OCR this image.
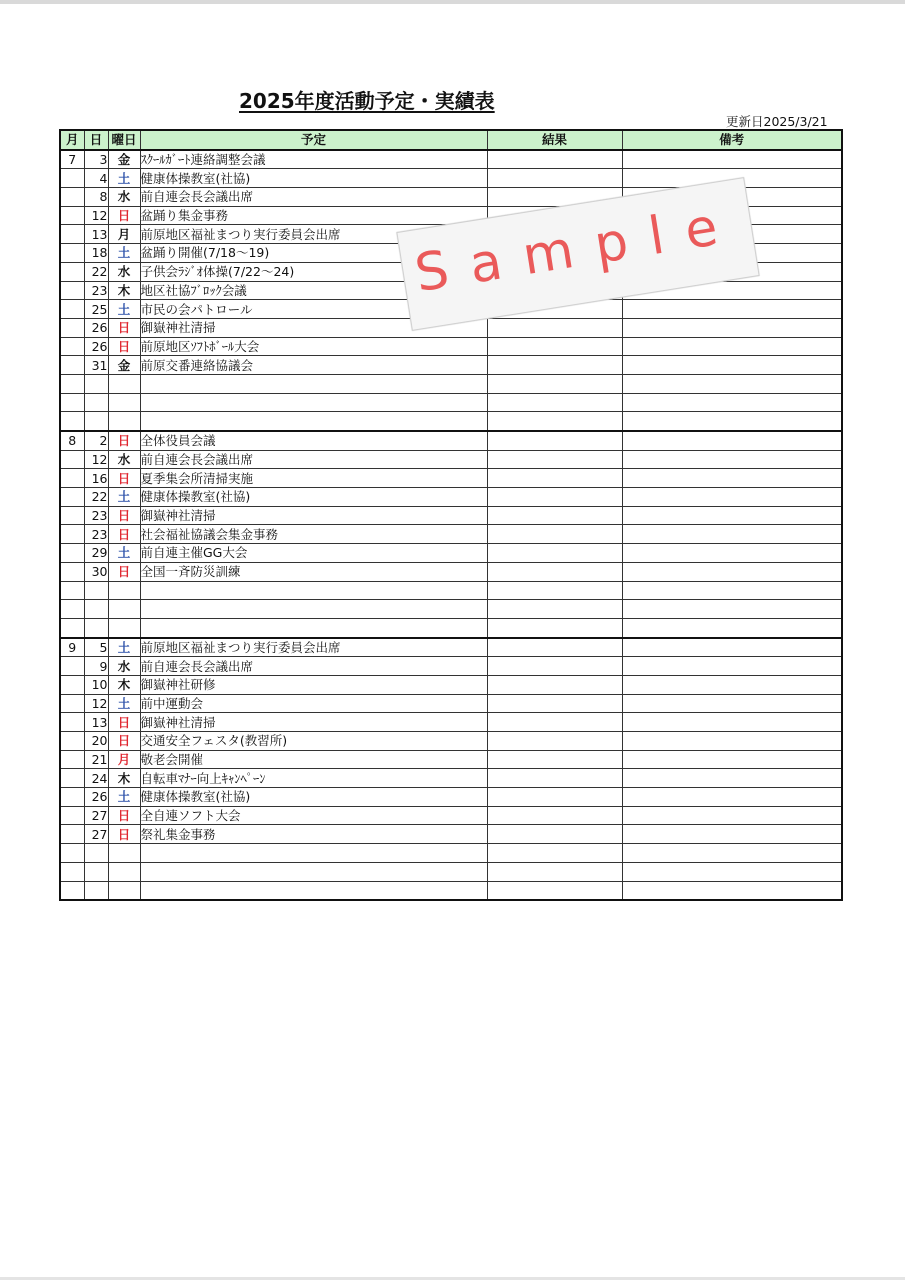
2025年度活動予定・実績表
更新日2025/3/21
月	日	曜日	予定	結果	備考
7	3	金	ｽｸｰﾙｶﾞｰﾄ連絡調整会議		
	4	土	健康体操教室(社協)		
	8	水	前自連会長会議出席		
	12	日	盆踊り集金事務		
	13	月	前原地区福祉まつり実行委員会出席		
	18	土	盆踊り開催(7/18～19)		
	22	水	子供会ﾗｼﾞｵ体操(7/22～24)		
	23	木	地区社協ﾌﾞﾛｯｸ会議		
	25	土	市民の会パトロール		
	26	日	御嶽神社清掃		
	26	日	前原地区ｿﾌﾄﾎﾞｰﾙ大会		
	31	金	前原交番連絡協議会		

8	2	日	全体役員会議		
	12	水	前自連会長会議出席		
	16	日	夏季集会所清掃実施		
	22	土	健康体操教室(社協)		
	23	日	御嶽神社清掃		
	23	日	社会福祉協議会集金事務		
	29	土	前自連主催GG大会		
	30	日	全国一斉防災訓練		

9	5	土	前原地区福祉まつり実行委員会出席		
	9	水	前自連会長会議出席		
	10	木	御嶽神社研修		
	12	土	前中運動会		
	13	日	御嶽神社清掃		
	20	日	交通安全フェスタ(教習所)		
	21	月	敬老会開催		
	24	木	自転車ﾏﾅｰ向上ｷｬﾝﾍﾟｰﾝ		
	26	土	健康体操教室(社協)		
	27	日	全自連ソフト大会		
	27	日	祭礼集金事務		

Sample
